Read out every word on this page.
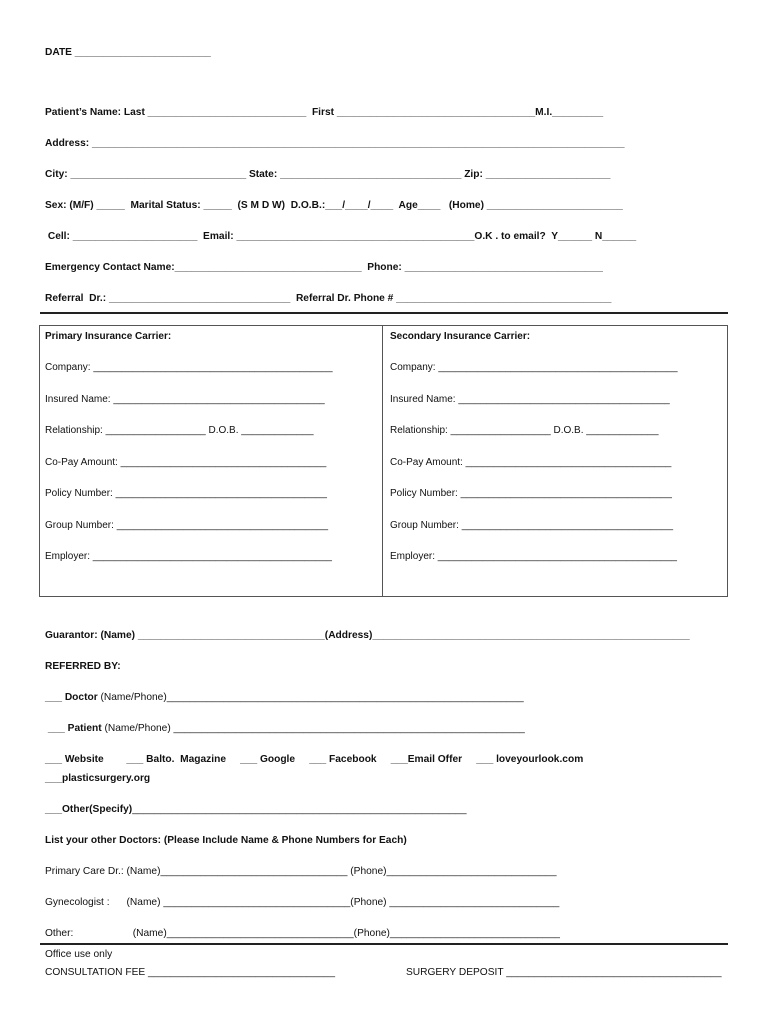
DATE ________________________
Patient’s Name: Last ____________________________  First ___________________________________M.I._________
Address: ______________________________________________________________________________________________
City: _______________________________ State: ________________________________ Zip: ______________________
Sex: (M/F) _____  Marital Status: _____  (S M D W)  D.O.B.:___/____/____  Age____   (Home) ________________________
Cell: ______________________  Email: __________________________________________O.K . to email?  Y______ N______
Emergency Contact Name:_________________________________  Phone: ___________________________________
Referral  Dr.: ________________________________  Referral Dr. Phone # ______________________________________
Primary Insurance Carrier:
Company: ___________________________________________
Insured Name: ______________________________________
Relationship: __________________ D.O.B. _____________
Co-Pay Amount: _____________________________________
Policy Number: ______________________________________
Group Number: ______________________________________
Employer: ___________________________________________
Secondary Insurance Carrier:
Company: ___________________________________________
Insured Name: ______________________________________
Relationship: __________________ D.O.B. _____________
Co-Pay Amount: _____________________________________
Policy Number: ______________________________________
Group Number: ______________________________________
Employer: ___________________________________________
Guarantor: (Name) _________________________________(Address)________________________________________________________
REFERRED BY:
___ Doctor (Name/Phone)_______________________________________________________________
___ Patient (Name/Phone) ______________________________________________________________
___ Website        ___ Balto.  Magazine     ___ Google     ___ Facebook     ___Email Offer     ___ loveyourlook.com
___plasticsurgery.org
___Other(Specify)___________________________________________________________
List your other Doctors: (Please Include Name & Phone Numbers for Each)
Primary Care Dr.: (Name)_________________________________ (Phone)______________________________
Gynecologist :      (Name) _________________________________(Phone) ______________________________
Other:                     (Name)_________________________________(Phone)______________________________
Office use only
CONSULTATION FEE _________________________________	SURGERY DEPOSIT ______________________________________
